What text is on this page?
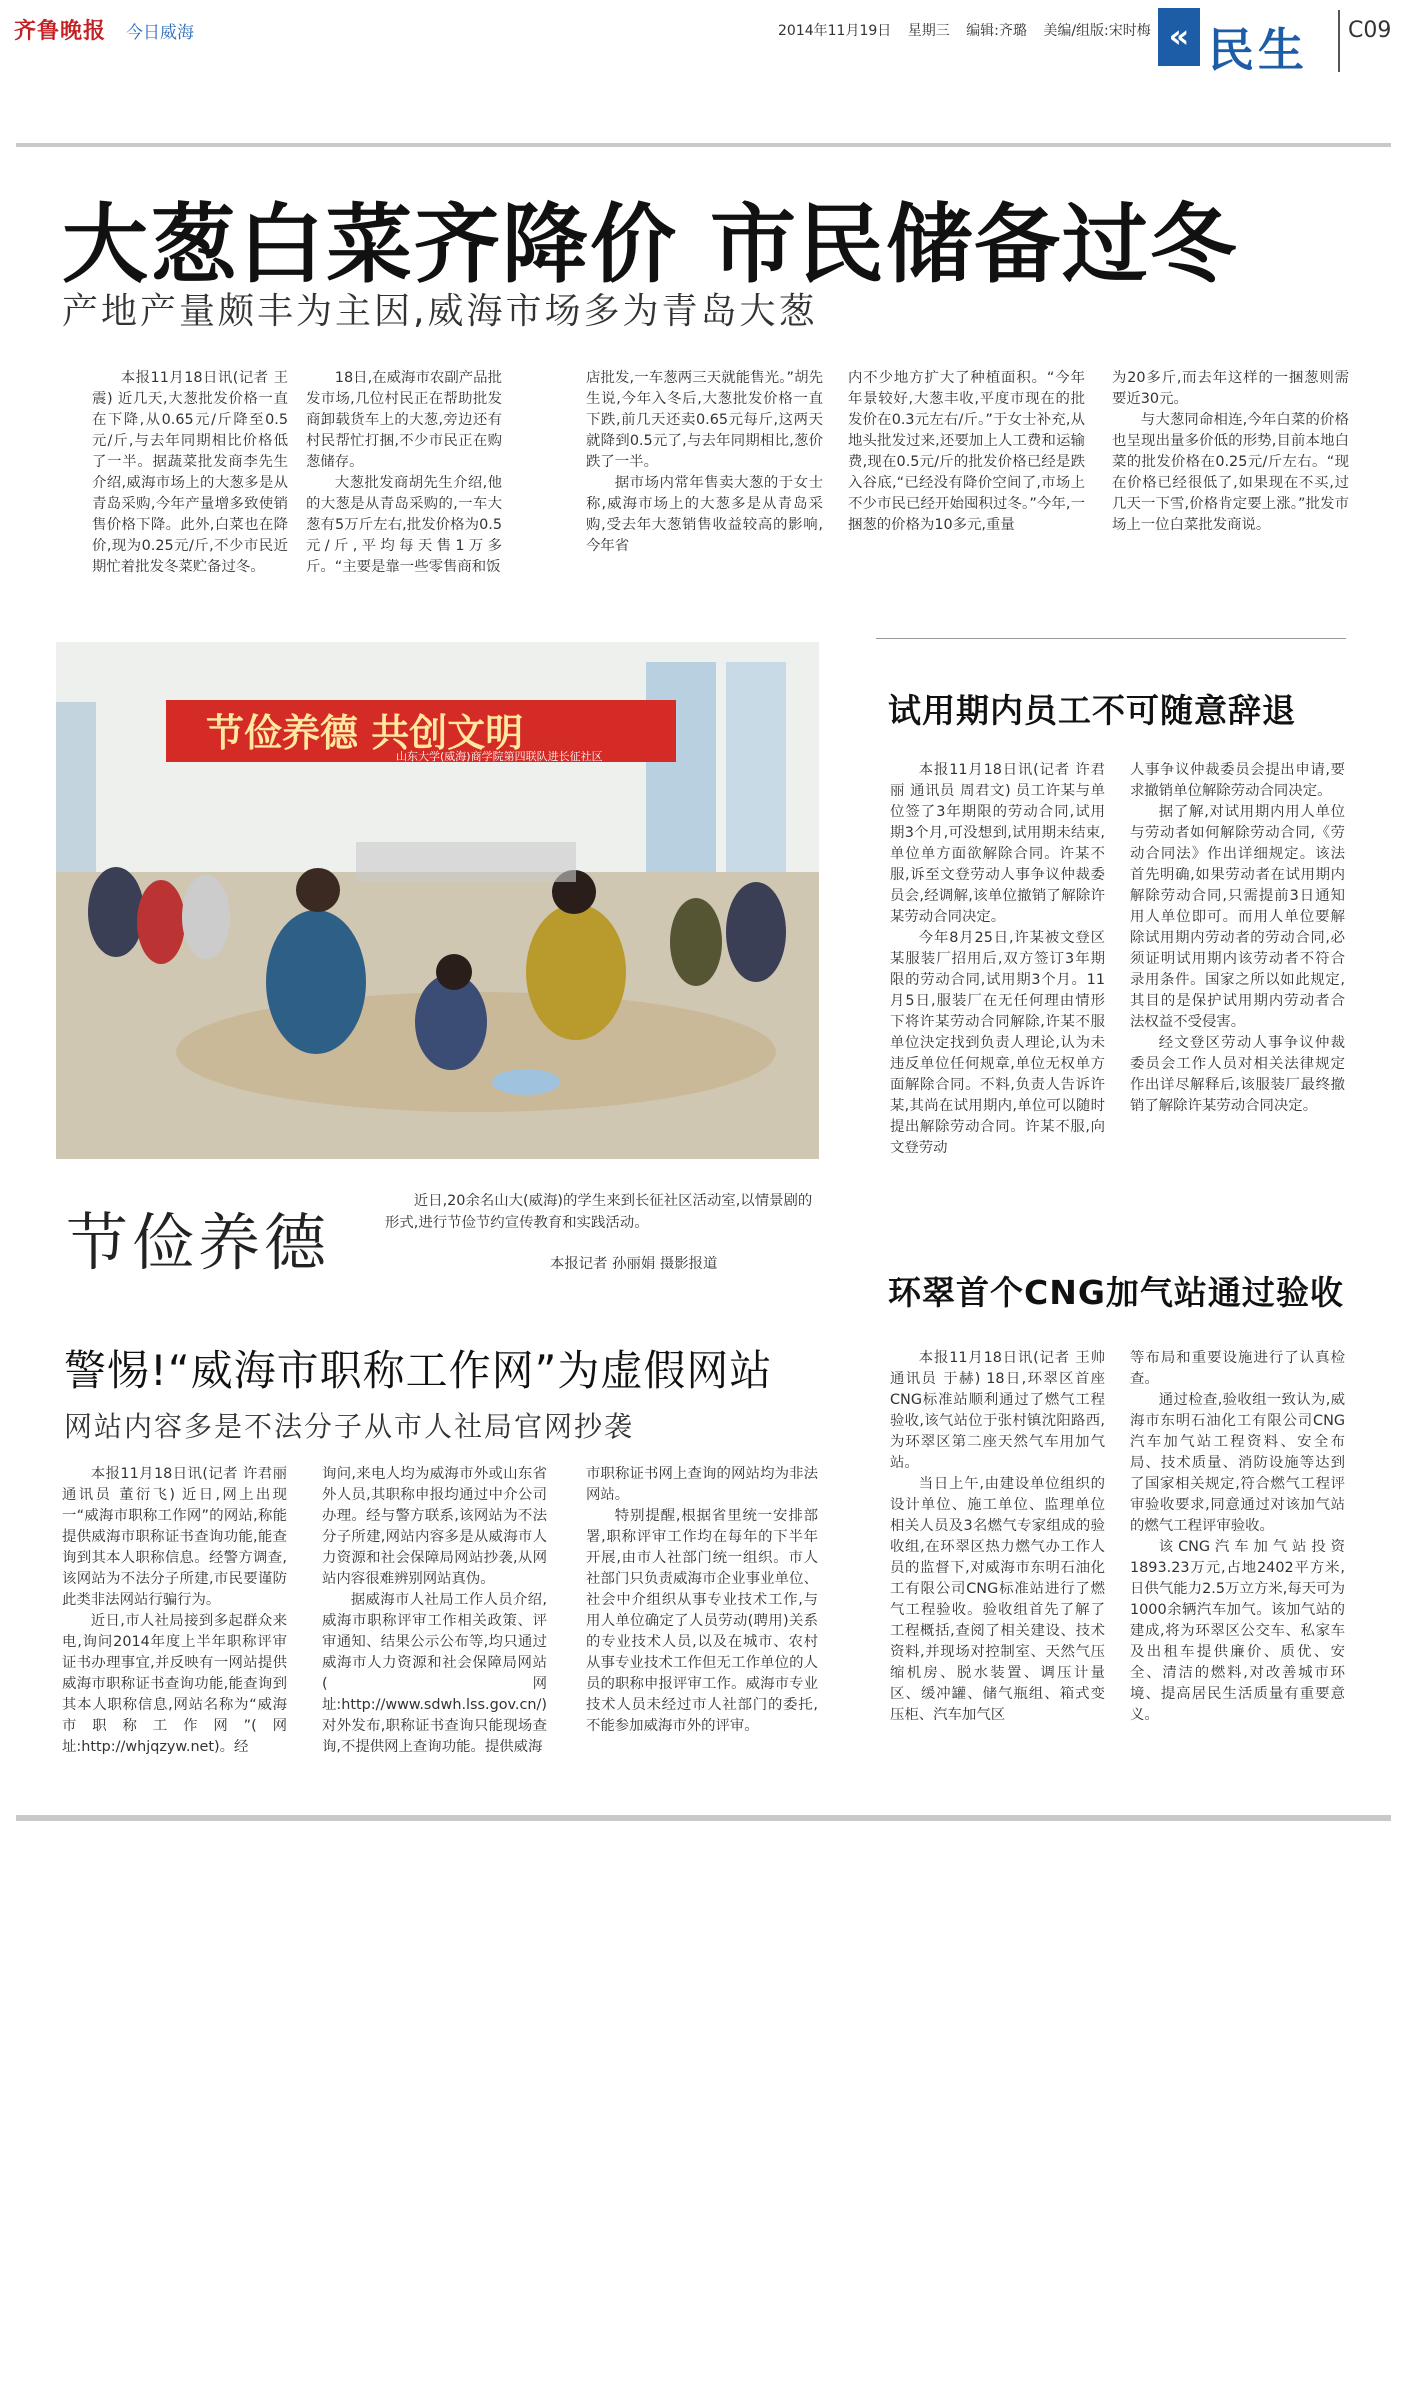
齐鲁晚报 今日威海	2014年11月19日 星期三 编辑:齐璐 美编/组版:宋时梅 « 民生 C09
大葱白菜齐降价 市民储备过冬
产地产量颇丰为主因,威海市场多为青岛大葱

本报11月18日讯(记者 王震) 近几天,大葱批发价格一直在下降,从0.65元/斤降至0.5元/斤,与去年同期相比价格低了一半。据蔬菜批发商李先生介绍,威海市场上的大葱多是从青岛采购,今年产量增多致使销售价格下降。此外,白菜也在降价,现为0.25元/斤,不少市民近期忙着批发冬菜贮备过冬。

18日,在威海市农副产品批发市场,几位村民正在帮助批发商卸载货车上的大葱,旁边还有村民帮忙打捆,不少市民正在购葱储存。

大葱批发商胡先生介绍,他的大葱是从青岛采购的,一车大葱有5万斤左右,批发价格为0.5元/斤,平均每天售1万多斤。“主要是靠一些零售商和饭

店批发,一车葱两三天就能售光。”胡先生说,今年入冬后,大葱批发价格一直下跌,前几天还卖0.65元每斤,这两天就降到0.5元了,与去年同期相比,葱价跌了一半。

据市场内常年售卖大葱的于女士称,威海市场上的大葱多是从青岛采购,受去年大葱销售收益较高的影响,今年省

内不少地方扩大了种植面积。“今年年景较好,大葱丰收,平度市现在的批发价在0.3元左右/斤。”于女士补充,从地头批发过来,还要加上人工费和运输费,现在0.5元/斤的批发价格已经是跌入谷底,“已经没有降价空间了,市场上不少市民已经开始囤积过冬。”今年,一捆葱的价格为10多元,重量

为20多斤,而去年这样的一捆葱则需要近30元。

与大葱同命相连,今年白菜的价格也呈现出量多价低的形势,目前本地白菜的批发价格在0.25元/斤左右。“现在价格已经很低了,如果现在不买,过几天一下雪,价格肯定要上涨。”批发市场上一位白菜批发商说。

节俭养德 共创文明
山东大学(威海)商学院第四联队进长征社区
节俭养德
近日,20余名山大(威海)的学生来到长征社区活动室,以情景剧的形式,进行节俭节约宣传教育和实践活动。
本报记者 孙丽娟 摄影报道
试用期内员工不可随意辞退

本报11月18日讯(记者 许君丽 通讯员 周君文) 员工许某与单位签了3年期限的劳动合同,试用期3个月,可没想到,试用期未结束,单位单方面欲解除合同。许某不服,诉至文登劳动人事争议仲裁委员会,经调解,该单位撤销了解除许某劳动合同决定。

今年8月25日,许某被文登区某服装厂招用后,双方签订3年期限的劳动合同,试用期3个月。11月5日,服装厂在无任何理由情形下将许某劳动合同解除,许某不服单位決定找到负责人理论,认为未违反单位任何规章,单位无权单方面解除合同。不料,负责人告诉许某,其尚在试用期内,单位可以随时提出解除劳动合同。许某不服,向文登劳动

人事争议仲裁委员会提出申请,要求撤销单位解除劳动合同决定。

据了解,对试用期内用人单位与劳动者如何解除劳动合同,《劳动合同法》作出详细规定。该法首先明确,如果劳动者在试用期内解除劳动合同,只需提前3日通知用人单位即可。而用人单位要解除试用期内劳动者的劳动合同,必须证明试用期内该劳动者不符合录用条件。国家之所以如此规定,其目的是保护试用期内劳动者合法权益不受侵害。

经文登区劳动人事争议仲裁委员会工作人员对相关法律规定作出详尽解释后,该服装厂最终撤销了解除许某劳动合同决定。

环翠首个CNG加气站通过验收

本报11月18日讯(记者 王帅 通讯员 于赫) 18日,环翠区首座CNG标准站顺利通过了燃气工程验收,该气站位于张村镇沈阳路西,为环翠区第二座天然气车用加气站。

当日上午,由建设单位组织的设计单位、施工单位、监理单位相关人员及3名燃气专家组成的验收组,在环翠区热力燃气办工作人员的监督下,对威海市东明石油化工有限公司CNG标准站进行了燃气工程验收。验收组首先了解了工程概括,查阅了相关建设、技术资料,并现场对控制室、天然气压缩机房、脱水装置、调压计量区、缓冲罐、储气瓶组、箱式变压柜、汽车加气区

等布局和重要设施进行了认真检查。

通过检查,验收组一致认为,威海市东明石油化工有限公司CNG汽车加气站工程资料、安全布局、技术质量、消防设施等达到了国家相关规定,符合燃气工程评审验收要求,同意通过对该加气站的燃气工程评审验收。

该CNG汽车加气站投资1893.23万元,占地2402平方米,日供气能力2.5万立方米,每天可为1000余辆汽车加气。该加气站的建成,将为环翠区公交车、私家车及出租车提供廉价、质优、安全、清洁的燃料,对改善城市环境、提高居民生活质量有重要意义。

警惕!“威海市职称工作网”为虚假网站
网站内容多是不法分子从市人社局官网抄袭

本报11月18日讯(记者 许君丽 通讯员 董衍飞) 近日,网上出现一“威海市职称工作网”的网站,称能提供威海市职称证书查询功能,能查询到其本人职称信息。经警方调查,该网站为不法分子所建,市民要谨防此类非法网站行骗行为。

近日,市人社局接到多起群众来电,询问2014年度上半年职称评审证书办理事宜,并反映有一网站提供威海市职称证书查询功能,能查询到其本人职称信息,网站名称为“威海市职称工作网”(网址:http://whjqzyw.net)。经

询问,来电人均为威海市外或山东省外人员,其职称申报均通过中介公司办理。经与警方联系,该网站为不法分子所建,网站内容多是从威海市人力资源和社会保障局网站抄袭,从网站内容很难辨别网站真伪。

据威海市人社局工作人员介绍,威海市职称评审工作相关政策、评审通知、结果公示公布等,均只通过威海市人力资源和社会保障局网站(网址:http://www.sdwh.lss.gov.cn/)对外发布,职称证书查询只能现场查询,不提供网上查询功能。提供威海

市职称证书网上查询的网站均为非法网站。

特别提醒,根据省里统一安排部署,职称评审工作均在每年的下半年开展,由市人社部门统一组织。市人社部门只负责威海市企业事业单位、社会中介组织从事专业技术工作,与用人单位确定了人员劳动(聘用)关系的专业技术人员,以及在城市、农村从事专业技术工作但无工作单位的人员的职称申报评审工作。威海市专业技术人员未经过市人社部门的委托,不能参加威海市外的评审。
